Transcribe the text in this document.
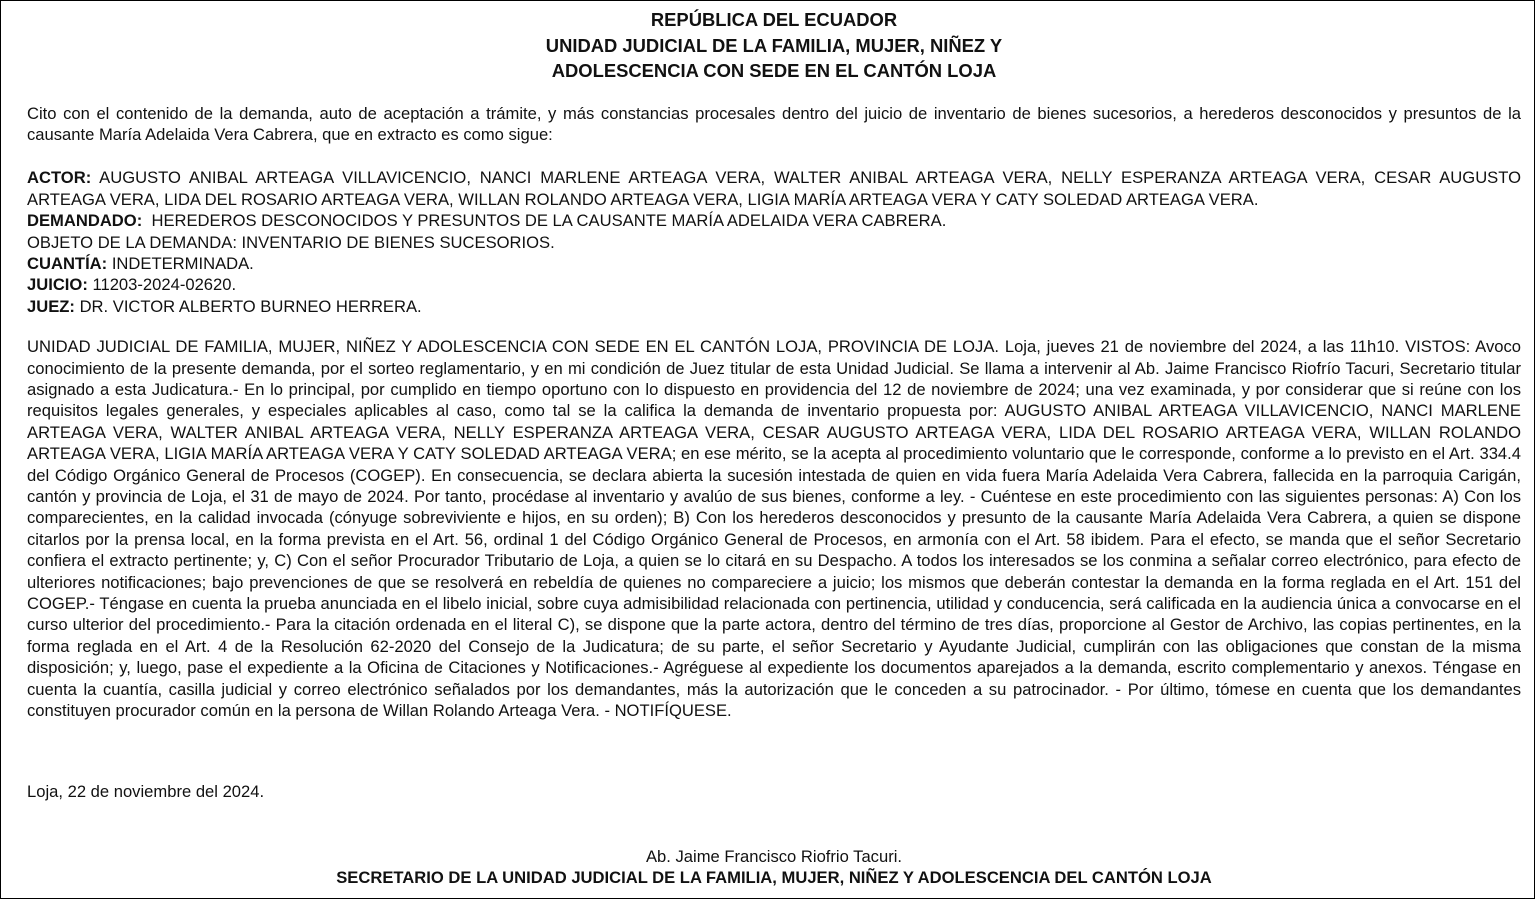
REPÚBLICA DEL ECUADOR
UNIDAD JUDICIAL DE LA FAMILIA, MUJER, NIÑEZ Y
ADOLESCENCIA CON SEDE EN EL CANTÓN LOJA

Cito con el contenido de la demanda, auto de aceptación a trámite, y más constancias procesales dentro del juicio de inventario de bienes sucesorios, a herederos desconocidos y presuntos de la causante María Adelaida Vera Cabrera, que en extracto es como sigue:

ACTOR: AUGUSTO ANIBAL ARTEAGA VILLAVICENCIO, NANCI MARLENE ARTEAGA VERA, WALTER ANIBAL ARTEAGA VERA, NELLY ESPERANZA ARTEAGA VERA, CESAR AUGUSTO ARTEAGA VERA, LIDA DEL ROSARIO ARTEAGA VERA, WILLAN ROLANDO ARTEAGA VERA, LIGIA MARÍA ARTEAGA VERA Y CATY SOLEDAD ARTEAGA VERA.

DEMANDADO:  HEREDEROS DESCONOCIDOS Y PRESUNTOS DE LA CAUSANTE MARÍA ADELAIDA VERA CABRERA.

OBJETO DE LA DEMANDA: INVENTARIO DE BIENES SUCESORIOS.

CUANTÍA: INDETERMINADA.

JUICIO: 11203-2024-02620.

JUEZ: DR. VICTOR ALBERTO BURNEO HERRERA.

UNIDAD JUDICIAL DE FAMILIA, MUJER, NIÑEZ Y ADOLESCENCIA CON SEDE EN EL CANTÓN LOJA, PROVINCIA DE LOJA. Loja, jueves 21 de noviembre del 2024, a las 11h10. VISTOS: Avoco conocimiento de la presente demanda, por el sorteo reglamentario, y en mi condición de Juez titular de esta Unidad Judicial. Se llama a intervenir al Ab. Jaime Francisco Riofrío Tacuri, Secretario titular asignado a esta Judicatura.- En lo principal, por cumplido en tiempo oportuno con lo dispuesto en providencia del 12 de noviembre de 2024; una vez examinada, y por considerar que si reúne con los requisitos legales generales, y especiales aplicables al caso, como tal se la califica la demanda de inventario propuesta por: AUGUSTO ANIBAL ARTEAGA VILLAVICENCIO, NANCI MARLENE ARTEAGA VERA, WALTER ANIBAL ARTEAGA VERA, NELLY ESPERANZA ARTEAGA VERA, CESAR AUGUSTO ARTEAGA VERA, LIDA DEL ROSARIO ARTEAGA VERA, WILLAN ROLANDO ARTEAGA VERA, LIGIA MARÍA ARTEAGA VERA Y CATY SOLEDAD ARTEAGA VERA; en ese mérito, se la acepta al procedimiento voluntario que le corresponde, conforme a lo previsto en el Art. 334.4 del Código Orgánico General de Procesos (COGEP). En consecuencia, se declara abierta la sucesión intestada de quien en vida fuera María Adelaida Vera Cabrera, fallecida en la parroquia Carigán, cantón y provincia de Loja, el 31 de mayo de 2024. Por tanto, procédase al inventario y avalúo de sus bienes, conforme a ley. - Cuéntese en este procedimiento con las siguientes personas: A) Con los comparecientes, en la calidad invocada (cónyuge sobreviviente e hijos, en su orden); B) Con los herederos desconocidos y presunto de la causante María Adelaida Vera Cabrera, a quien se dispone citarlos por la prensa local, en la forma prevista en el Art. 56, ordinal 1 del Código Orgánico General de Procesos, en armonía con el Art. 58 ibidem. Para el efecto, se manda que el señor Secretario confiera el extracto pertinente; y, C) Con el señor Procurador Tributario de Loja, a quien se lo citará en su Despacho. A todos los interesados se los conmina a señalar correo electrónico, para efecto de ulteriores notificaciones; bajo prevenciones de que se resolverá en rebeldía de quienes no compareciere a juicio; los mismos que deberán contestar la demanda en la forma reglada en el Art. 151 del COGEP.- Téngase en cuenta la prueba anunciada en el libelo inicial, sobre cuya admisibilidad relacionada con pertinencia, utilidad y conducencia, será calificada en la audiencia única a convocarse en el curso ulterior del procedimiento.- Para la citación ordenada en el literal C), se dispone que la parte actora, dentro del término de tres días, proporcione al Gestor de Archivo, las copias pertinentes, en la forma reglada en el Art. 4 de la Resolución 62-2020 del Consejo de la Judicatura; de su parte, el señor Secretario y Ayudante Judicial, cumplirán con las obligaciones que constan de la misma disposición; y, luego, pase el expediente a la Oficina de Citaciones y Notificaciones.- Agréguese al expediente los documentos aparejados a la demanda, escrito complementario y anexos. Téngase en cuenta la cuantía, casilla judicial y correo electrónico señalados por los demandantes, más la autorización que le conceden a su patrocinador. - Por último, tómese en cuenta que los demandantes constituyen procurador común en la persona de Willan Rolando Arteaga Vera. - NOTIFÍQUESE.

Loja, 22 de noviembre del 2024.
Ab. Jaime Francisco Riofrio Tacuri.
SECRETARIO DE LA UNIDAD JUDICIAL DE LA FAMILIA, MUJER, NIÑEZ Y ADOLESCENCIA DEL CANTÓN LOJA
